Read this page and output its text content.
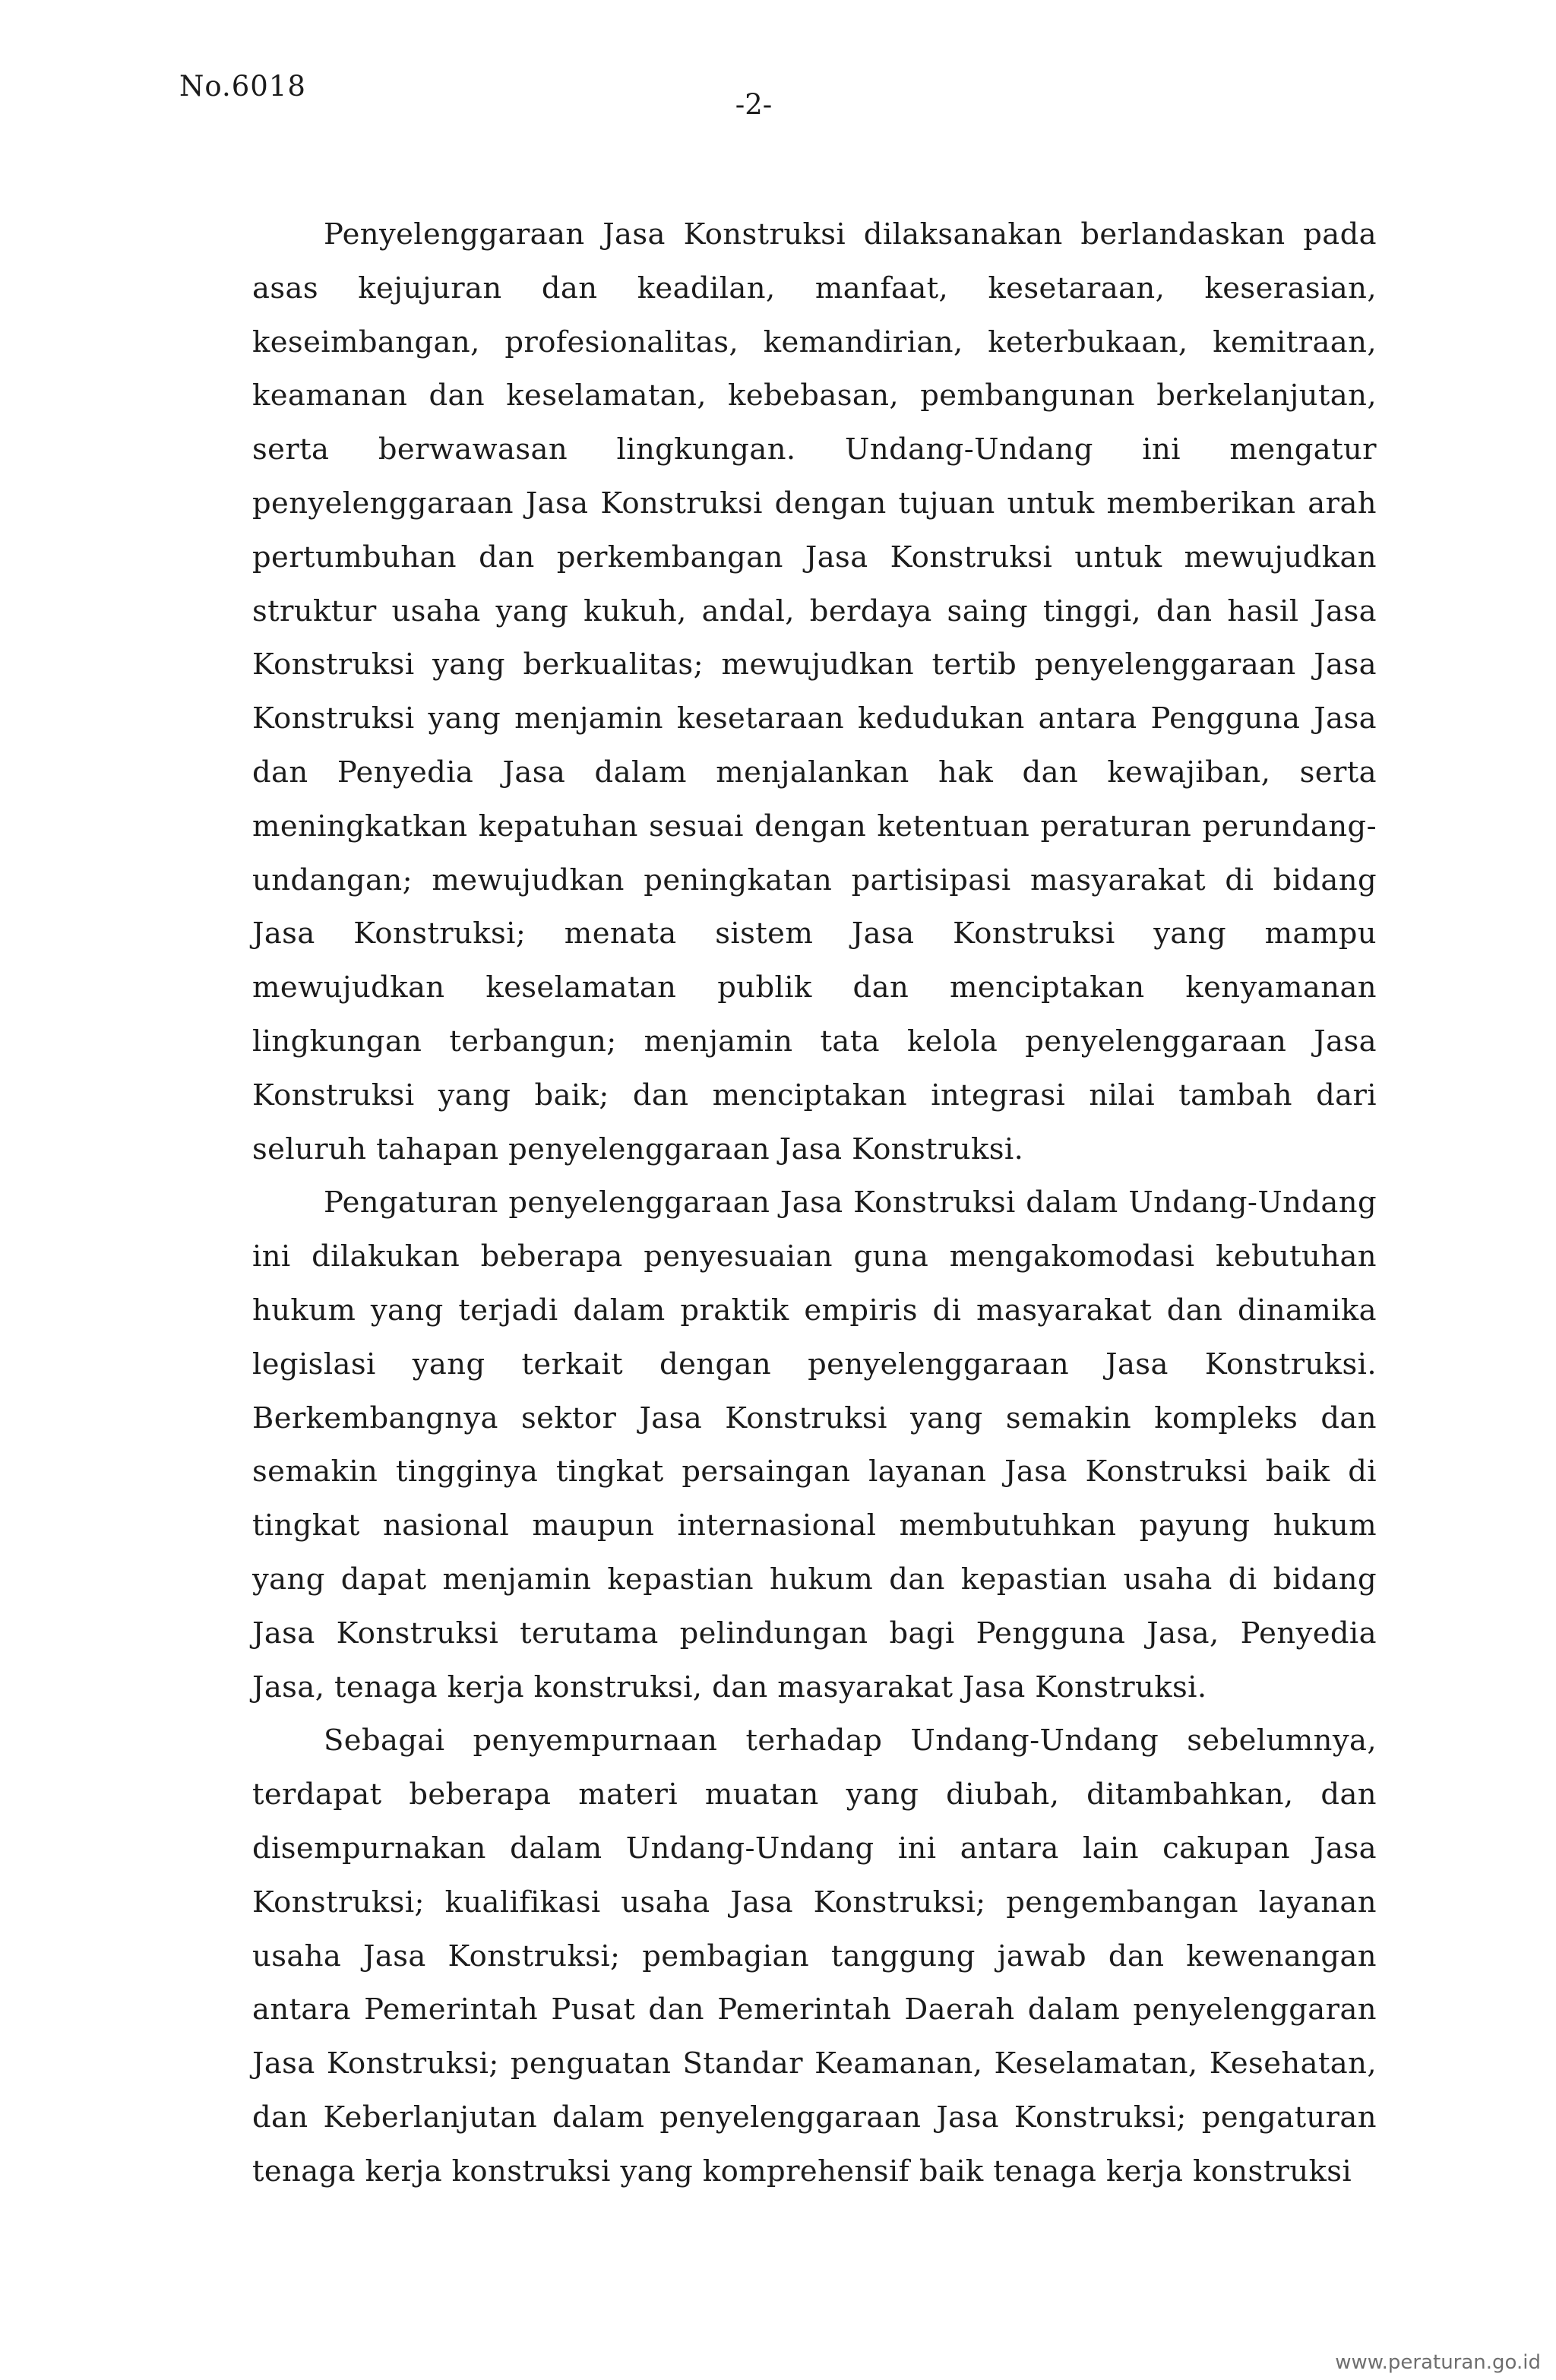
No.6018
-2-

Penyelenggaraan Jasa Konstruksi dilaksanakan berlandaskan pada asas kejujuran dan keadilan, manfaat, kesetaraan, keserasian, keseimbangan, profesionalitas, kemandirian, keterbukaan, kemitraan, keamanan dan keselamatan, kebebasan, pembangunan berkelanjutan, serta berwawasan lingkungan. Undang-Undang ini mengatur penyelenggaraan Jasa Konstruksi dengan tujuan untuk memberikan arah pertumbuhan dan perkembangan Jasa Konstruksi untuk mewujudkan struktur usaha yang kukuh, andal, berdaya saing tinggi, dan hasil Jasa Konstruksi yang berkualitas; mewujudkan tertib penyelenggaraan Jasa Konstruksi yang menjamin kesetaraan kedudukan antara Pengguna Jasa dan Penyedia Jasa dalam menjalankan hak dan kewajiban, serta meningkatkan kepatuhan sesuai dengan ketentuan peraturan perundang-undangan; mewujudkan peningkatan partisipasi masyarakat di bidang Jasa Konstruksi; menata sistem Jasa Konstruksi yang mampu mewujudkan keselamatan publik dan menciptakan kenyamanan lingkungan terbangun; menjamin tata kelola penyelenggaraan Jasa Konstruksi yang baik; dan menciptakan integrasi nilai tambah dari seluruh tahapan penyelenggaraan Jasa Konstruksi.

Pengaturan penyelenggaraan Jasa Konstruksi dalam Undang-Undang ini dilakukan beberapa penyesuaian guna mengakomodasi kebutuhan hukum yang terjadi dalam praktik empiris di masyarakat dan dinamika legislasi yang terkait dengan penyelenggaraan Jasa Konstruksi. Berkembangnya sektor Jasa Konstruksi yang semakin kompleks dan semakin tingginya tingkat persaingan layanan Jasa Konstruksi baik di tingkat nasional maupun internasional membutuhkan payung hukum yang dapat menjamin kepastian hukum dan kepastian usaha di bidang Jasa Konstruksi terutama pelindungan bagi Pengguna Jasa, Penyedia Jasa, tenaga kerja konstruksi, dan masyarakat Jasa Konstruksi.

Sebagai penyempurnaan terhadap Undang-Undang sebelumnya, terdapat beberapa materi muatan yang diubah, ditambahkan, dan disempurnakan dalam Undang-Undang ini antara lain cakupan Jasa Konstruksi; kualifikasi usaha Jasa Konstruksi; pengembangan layanan usaha Jasa Konstruksi; pembagian tanggung jawab dan kewenangan antara Pemerintah Pusat dan Pemerintah Daerah dalam penyelenggaran Jasa Konstruksi; penguatan Standar Keamanan, Keselamatan, Kesehatan, dan Keberlanjutan dalam penyelenggaraan Jasa Konstruksi; pengaturan tenaga kerja konstruksi yang komprehensif baik tenaga kerja konstruksi

www.peraturan.go.id
